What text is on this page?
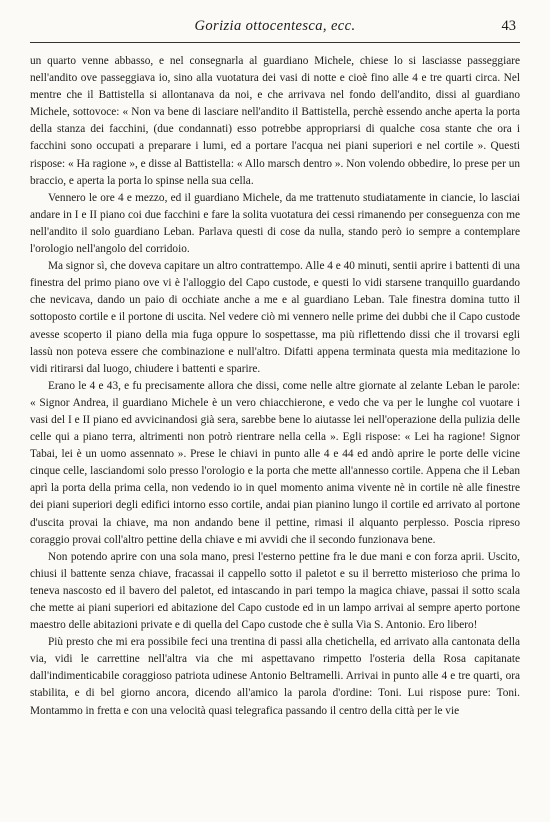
Gorizia ottocentesca, ecc.	43

un quarto venne abbasso, e nel consegnarla al guardiano Michele, chiese lo si lasciasse passeggiare nell'andito ove passeggiava io, sino alla vuotatura dei vasi di notte e cioè fino alle 4 e tre quarti circa. Nel mentre che il Battistella si allontanava da noi, e che arrivava nel fondo dell'andito, dissi al guardiano Michele, sottovoce: « Non va bene di lasciare nell'andito il Battistella, perchè essendo anche aperta la porta della stanza dei facchini, (due condannati) esso potrebbe appropriarsi di qualche cosa stante che ora i facchini sono occupati a preparare i lumi, ed a portare l'acqua nei piani superiori e nel cortile ». Questi rispose: « Ha ragione », e disse al Battistella: « Allo marsch dentro ». Non volendo obbedire, lo prese per un braccio, e aperta la porta lo spinse nella sua cella.

Vennero le ore 4 e mezzo, ed il guardiano Michele, da me trattenuto studiatamente in ciancie, lo lasciai andare in I e II piano coi due facchini e fare la solita vuotatura dei cessi rimanendo per conseguenza con me nell'andito il solo guardiano Leban. Parlava questi di cose da nulla, stando però io sempre a contemplare l'orologio nell'angolo del corridoio.

Ma signor sì, che doveva capitare un altro contrattempo. Alle 4 e 40 minuti, sentii aprire i battenti di una finestra del primo piano ove vi è l'alloggio del Capo custode, e questi lo vidi starsene tranquillo guardando che nevicava, dando un paio di occhiate anche a me e al guardiano Leban. Tale finestra domina tutto il sottoposto cortile e il portone di uscita. Nel vedere ciò mi vennero nelle prime dei dubbi che il Capo custode avesse scoperto il piano della mia fuga oppure lo sospettasse, ma più riflettendo dissi che il trovarsi egli lassù non poteva essere che combinazione e null'altro. Difatti appena terminata questa mia meditazione lo vidi ritirarsi dal luogo, chiudere i battenti e sparire.

Erano le 4 e 43, e fu precisamente allora che dissi, come nelle altre giornate al zelante Leban le parole: « Signor Andrea, il guardiano Michele è un vero chiacchierone, e vedo che va per le lunghe col vuotare i vasi del I e II piano ed avvicinandosi già sera, sarebbe bene lo aiutasse lei nell'operazione della pulizia delle celle qui a piano terra, altrimenti non potrò rientrare nella cella ». Egli rispose: « Lei ha ragione! Signor Tabai, lei è un uomo assennato ». Prese le chiavi in punto alle 4 e 44 ed andò aprire le porte delle vicine cinque celle, lasciandomi solo presso l'orologio e la porta che mette all'annesso cortile. Appena che il Leban aprì la porta della prima cella, non vedendo io in quel momento anima vivente nè in cortile nè alle finestre dei piani superiori degli edifici intorno esso cortile, andai pian pianino lungo il cortile ed arrivato al portone d'uscita provai la chiave, ma non andando bene il pettine, rimasi il alquanto perplesso. Poscia ripreso coraggio provai coll'altro pettine della chiave e mi avvidi che il secondo funzionava bene.

Non potendo aprire con una sola mano, presi l'esterno pettine fra le due mani e con forza aprii. Uscito, chiusi il battente senza chiave, fracassai il cappello sotto il paletot e su il berretto misterioso che prima lo teneva nascosto ed il bavero del paletot, ed intascando in pari tempo la magica chiave, passai il sotto scala che mette ai piani superiori ed abitazione del Capo custode ed in un lampo arrivai al sempre aperto portone maestro delle abitazioni private e di quella del Capo custode che è sulla Via S. Antonio. Ero libero!

Più presto che mi era possibile feci una trentina di passi alla chetichella, ed arrivato alla cantonata della via, vidi le carrettine nell'altra via che mi aspettavano rimpetto l'osteria della Rosa capitanate dall'indimenticabile coraggioso patriota udinese Antonio Beltramelli. Arrivai in punto alle 4 e tre quarti, ora stabilita, e di bel giorno ancora, dicendo all'amico la parola d'ordine: Toni. Lui rispose pure: Toni. Montammo in fretta e con una velocità quasi telegrafica passando il centro della città per le vie
